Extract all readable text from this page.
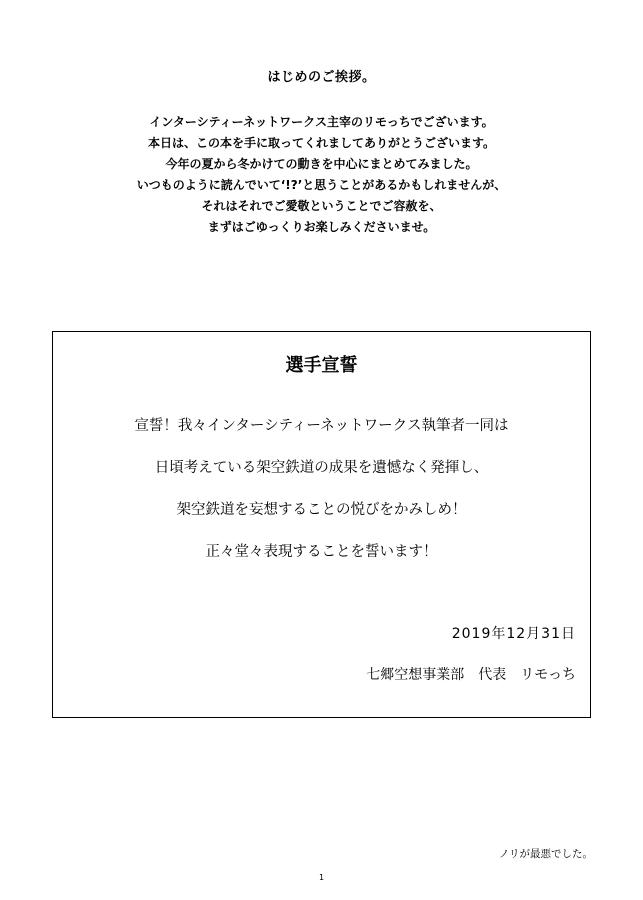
はじめのご挨拶。
インターシティーネットワークス主宰のリモっちでございます。
本日は、この本を手に取ってくれましてありがとうございます。
今年の夏から冬かけての動きを中心にまとめてみました。
いつものように読んでいて‘!?’と思うことがあるかもしれませんが、
それはそれでご愛敬ということでご容赦を、
まずはごゆっくりお楽しみくださいませ。
選手宣誓
宣誓！我々インターシティーネットワークス執筆者一同は
日頃考えている架空鉄道の成果を遺憾なく発揮し、
架空鉄道を妄想することの悦びをかみしめ！
正々堂々表現することを誓います！
2019年12月31日
七郷空想事業部　代表　リモっち
ノリが最悪でした。
1
